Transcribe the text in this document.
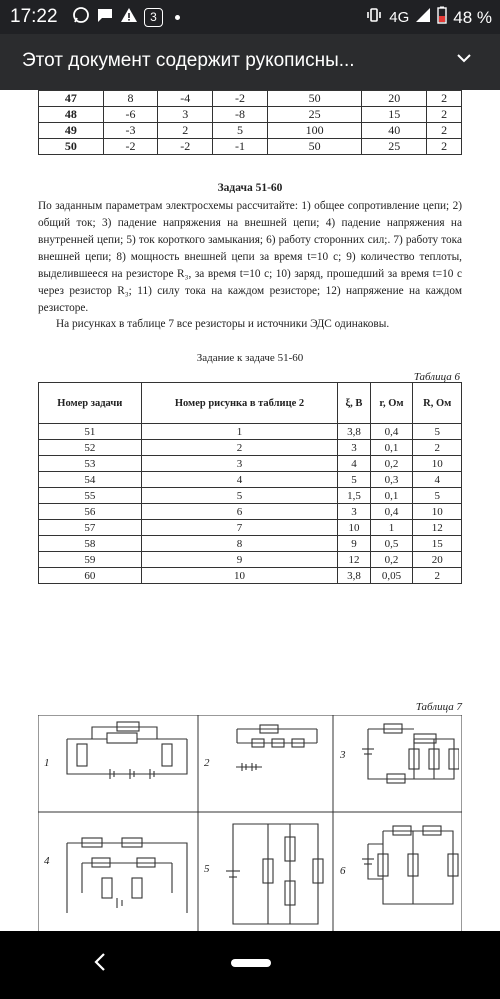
17:22	3	4G	48 %
Этот документ содержит рукописны...
47	8	-4	-2	50	20	2
48	-6	3	-8	25	15	2
49	-3	2	5	100	40	2
50	-2	-2	-1	50	25	2
Задача 51-60
По заданным параметрам электросхемы рассчитайте: 1) общее сопротивление цепи; 2) общий ток; 3) падение напряжения на внешней цепи; 4) падение напряжения на внутренней цепи; 5) ток короткого замыкания; 6) работу сторонних сил;. 7) работу тока внешней цепи; 8) мощность внешней цепи за время t=10 с; 9) количество теплоты, выделившееся на резисторе R₃, за время t=10 с; 10) заряд, прошедший за время t=10 с через резистор R₃; 11) силу тока на каждом резисторе; 12) напряжение на каждом резисторе.
На рисунках в таблице 7 все резисторы и источники ЭДС одинаковы.
Задание к задаче 51-60
Таблица 6
Номер задачи	Номер рисунка в таблице 2	ξ, В	r, Ом	R, Ом
51	1	3,8	0,4	5
52	2	3	0,1	2
53	3	4	0,2	10
54	4	5	0,3	4
55	5	1,5	0,1	5
56	6	3	0,4	10
57	7	10	1	12
58	8	9	0,5	15
59	9	12	0,2	20
60	10	3,8	0,05	2
Таблица 7
1	2
3
4
5	6
